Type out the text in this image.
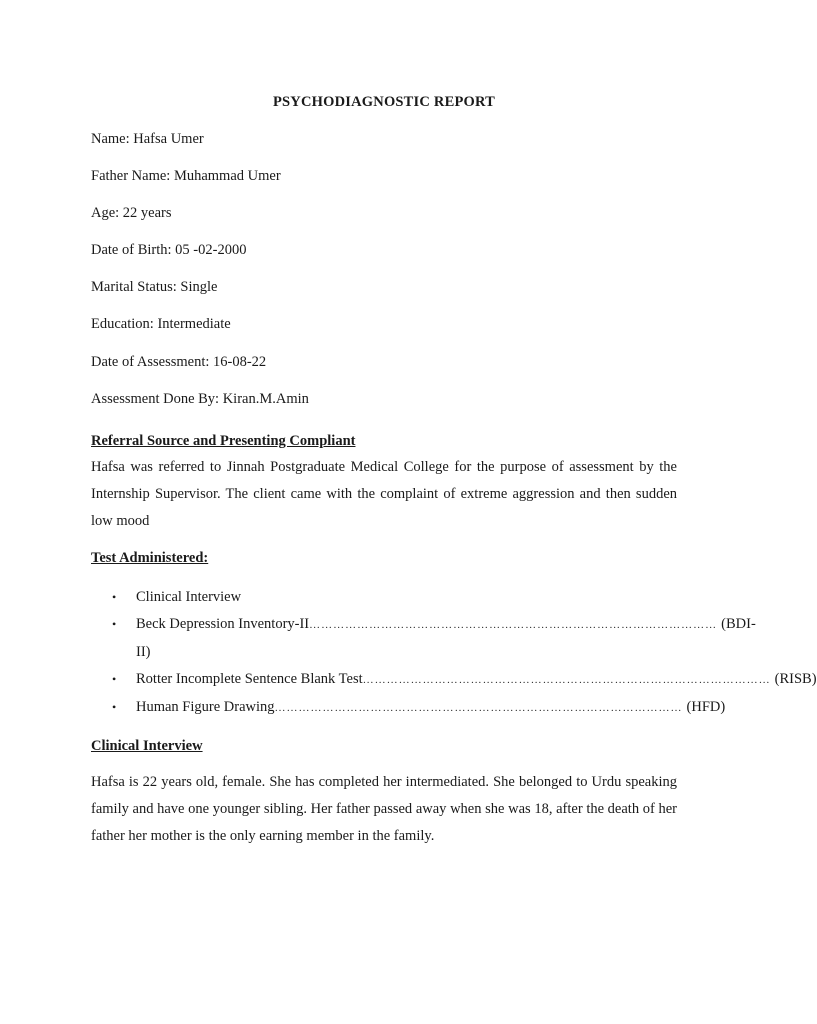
PSYCHODIAGNOSTIC REPORT
Name: Hafsa Umer
Father Name: Muhammad Umer
Age: 22 years
Date of Birth: 05 -02-2000
Marital Status: Single
Education: Intermediate
Date of Assessment: 16-08-22
Assessment Done By: Kiran.M.Amin
Referral Source and Presenting Compliant

Hafsa was referred to Jinnah Postgraduate Medical College for the purpose of assessment by the Internship Supervisor. The client came with the complaint of extreme aggression and then sudden low mood

Test Administered:
• Clinical Interview
• Beck Depression Inventory-II ………………………………………………………………………………………… (BDI-
II)
• Rotter Incomplete Sentence Blank Test ………………………………………………………………………………………… (RISB)
• Human Figure Drawing ………………………………………………………………………………………… (HFD)
Clinical Interview

Hafsa is 22 years old, female. She has completed her intermediated. She belonged to Urdu speaking family and have one younger sibling. Her father passed away when she was 18, after the death of her father her mother is the only earning member in the family.
